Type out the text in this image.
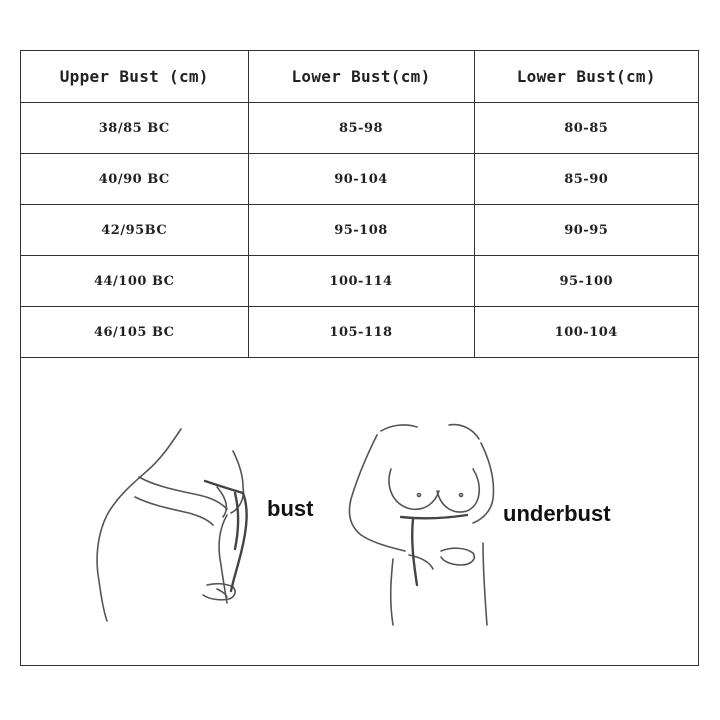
Upper Bust (cm)	Lower Bust(cm)	Lower Bust(cm)
38/85 BC	85-98	80-85
40/90 BC	90-104	85-90
42/95BC	95-108	90-95
44/100 BC	100-114	95-100
46/105 BC	105-118	100-104
bust	underbust
